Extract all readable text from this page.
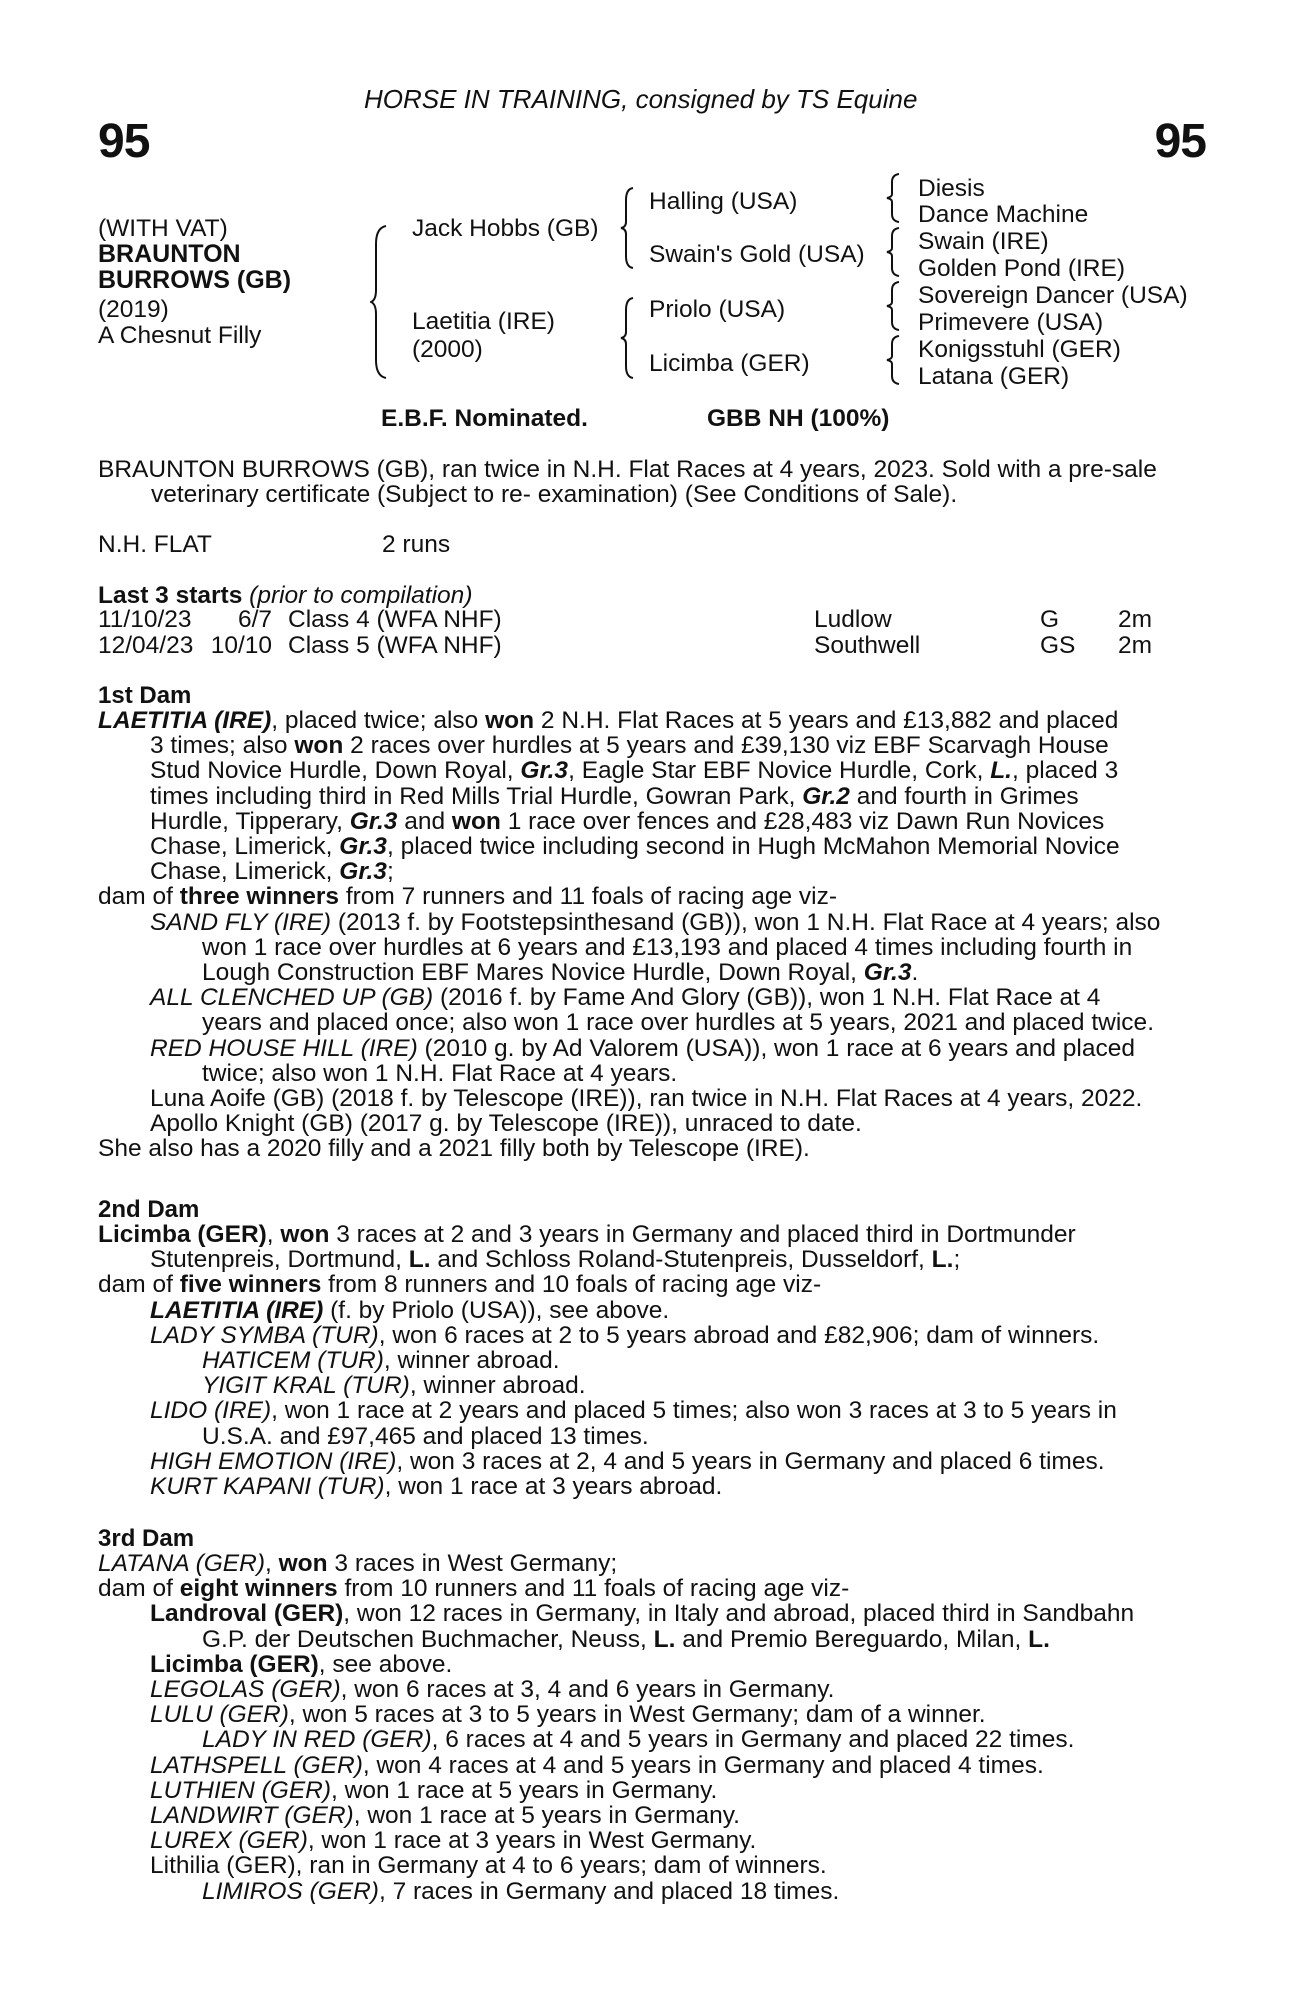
HORSE IN TRAINING, consigned by TS Equine
95	95
(WITH VAT)
BRAUNTON
BURROWS (GB)
(2019)
A Chesnut Filly
Jack Hobbs (GB)
Laetitia (IRE)
(2000)
Halling (USA)
Swain's Gold (USA)
Priolo (USA)
Licimba (GER)
Diesis
Dance Machine
Swain (IRE)
Golden Pond (IRE)
Sovereign Dancer (USA)
Primevere (USA)
Konigsstuhl (GER)
Latana (GER)
E.B.F. Nominated.	GBB NH (100%)
BRAUNTON BURROWS (GB), ran twice in N.H. Flat Races at 4 years, 2023. Sold with a pre-sale
veterinary certificate (Subject to re- examination) (See Conditions of Sale).
N.H. FLAT	2 runs
Last 3 starts (prior to compilation)
11/10/23	6/7 Class 4 (WFA NHF)	Ludlow	G 2m
12/04/23 10/10 Class 5 (WFA NHF)	Southwell	GS 2m
1st Dam
LAETITIA (IRE), placed twice; also won 2 N.H. Flat Races at 5 years and £13,882 and placed
3 times; also won 2 races over hurdles at 5 years and £39,130 viz EBF Scarvagh House
Stud Novice Hurdle, Down Royal, Gr.3, Eagle Star EBF Novice Hurdle, Cork, L., placed 3
times including third in Red Mills Trial Hurdle, Gowran Park, Gr.2 and fourth in Grimes
Hurdle, Tipperary, Gr.3 and won 1 race over fences and £28,483 viz Dawn Run Novices
Chase, Limerick, Gr.3, placed twice including second in Hugh McMahon Memorial Novice
Chase, Limerick, Gr.3;
dam of three winners from 7 runners and 11 foals of racing age viz-
SAND FLY (IRE) (2013 f. by Footstepsinthesand (GB)), won 1 N.H. Flat Race at 4 years; also
won 1 race over hurdles at 6 years and £13,193 and placed 4 times including fourth in
Lough Construction EBF Mares Novice Hurdle, Down Royal, Gr.3.
ALL CLENCHED UP (GB) (2016 f. by Fame And Glory (GB)), won 1 N.H. Flat Race at 4
years and placed once; also won 1 race over hurdles at 5 years, 2021 and placed twice.
RED HOUSE HILL (IRE) (2010 g. by Ad Valorem (USA)), won 1 race at 6 years and placed
twice; also won 1 N.H. Flat Race at 4 years.
Luna Aoife (GB) (2018 f. by Telescope (IRE)), ran twice in N.H. Flat Races at 4 years, 2022.
Apollo Knight (GB) (2017 g. by Telescope (IRE)), unraced to date.
She also has a 2020 filly and a 2021 filly both by Telescope (IRE).
2nd Dam
Licimba (GER), won 3 races at 2 and 3 years in Germany and placed third in Dortmunder
Stutenpreis, Dortmund, L. and Schloss Roland-Stutenpreis, Dusseldorf, L.;
dam of five winners from 8 runners and 10 foals of racing age viz-
LAETITIA (IRE) (f. by Priolo (USA)), see above.
LADY SYMBA (TUR), won 6 races at 2 to 5 years abroad and £82,906; dam of winners.
HATICEM (TUR), winner abroad.
YIGIT KRAL (TUR), winner abroad.
LIDO (IRE), won 1 race at 2 years and placed 5 times; also won 3 races at 3 to 5 years in
U.S.A. and £97,465 and placed 13 times.
HIGH EMOTION (IRE), won 3 races at 2, 4 and 5 years in Germany and placed 6 times.
KURT KAPANI (TUR), won 1 race at 3 years abroad.
3rd Dam
LATANA (GER), won 3 races in West Germany;
dam of eight winners from 10 runners and 11 foals of racing age viz-
Landroval (GER), won 12 races in Germany, in Italy and abroad, placed third in Sandbahn
G.P. der Deutschen Buchmacher, Neuss, L. and Premio Bereguardo, Milan, L.
Licimba (GER), see above.
LEGOLAS (GER), won 6 races at 3, 4 and 6 years in Germany.
LULU (GER), won 5 races at 3 to 5 years in West Germany; dam of a winner.
LADY IN RED (GER), 6 races at 4 and 5 years in Germany and placed 22 times.
LATHSPELL (GER), won 4 races at 4 and 5 years in Germany and placed 4 times.
LUTHIEN (GER), won 1 race at 5 years in Germany.
LANDWIRT (GER), won 1 race at 5 years in Germany.
LUREX (GER), won 1 race at 3 years in West Germany.
Lithilia (GER), ran in Germany at 4 to 6 years; dam of winners.
LIMIROS (GER), 7 races in Germany and placed 18 times.
